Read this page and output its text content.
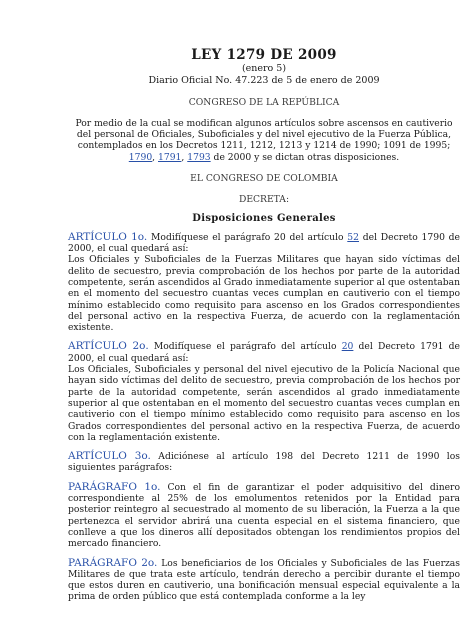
LEY 1279 DE 2009
(enero 5)
Diario Oficial No. 47.223 de 5 de enero de 2009
CONGRESO DE LA REPÚBLICA
Por medio de la cual se modifican algunos artículos sobre ascensos en cautiverio del personal de Oficiales, Suboficiales y del nivel ejecutivo de la Fuerza Pública, contemplados en los Decretos 1211, 1212, 1213 y 1214 de 1990; 1091 de 1995; 1790, 1791, 1793 de 2000 y se dictan otras disposiciones.
EL CONGRESO DE COLOMBIA
DECRETA:
Disposiciones Generales
ARTÍCULO 1o. Modifíquese el parágrafo 20 del artículo 52 del Decreto 1790 de 2000, el cual quedará así:
Los Oficiales y Suboficiales de la Fuerzas Militares que hayan sido víctimas del delito de secuestro, previa comprobación de los hechos por parte de la autoridad competente, serán ascendidos al Grado inmediatamente superior al que ostentaban en el momento del secuestro cuantas veces cumplan en cautiverio con el tiempo mínimo establecido como requisito para ascenso en los Grados correspondientes del personal activo en la respectiva Fuerza, de acuerdo con la reglamentación existente.
ARTÍCULO 2o. Modifíquese el parágrafo del artículo 20 del Decreto 1791 de 2000, el cual quedará así:
Los Oficiales, Suboficiales y personal del nivel ejecutivo de la Policía Nacional que hayan sido víctimas del delito de secuestro, previa comprobación de los hechos por parte de la autoridad competente, serán ascendidos al grado inmediatamente superior al que ostentaban en el momento del secuestro cuantas veces cumplan en cautiverio con el tiempo mínimo establecido como requisito para ascenso en los Grados correspondientes del personal activo en la respectiva Fuerza, de acuerdo con la reglamentación existente.
ARTÍCULO 3o. Adiciónese al artículo 198 del Decreto 1211 de 1990 los siguientes parágrafos:
PARÁGRAFO 1o. Con el fin de garantizar el poder adquisitivo del dinero correspondiente al 25% de los emolumentos retenidos por la Entidad para posterior reintegro al secuestrado al momento de su liberación, la Fuerza a la que pertenezca el servidor abrirá una cuenta especial en el sistema financiero, que conlleve a que los dineros allí depositados obtengan los rendimientos propios del mercado financiero.
PARÁGRAFO 2o. Los beneficiarios de los Oficiales y Suboficiales de las Fuerzas Militares de que trata este artículo, tendrán derecho a percibir durante el tiempo que estos duren en cautiverio, una bonificación mensual especial equivalente a la prima de orden público que está contemplada conforme a la ley
